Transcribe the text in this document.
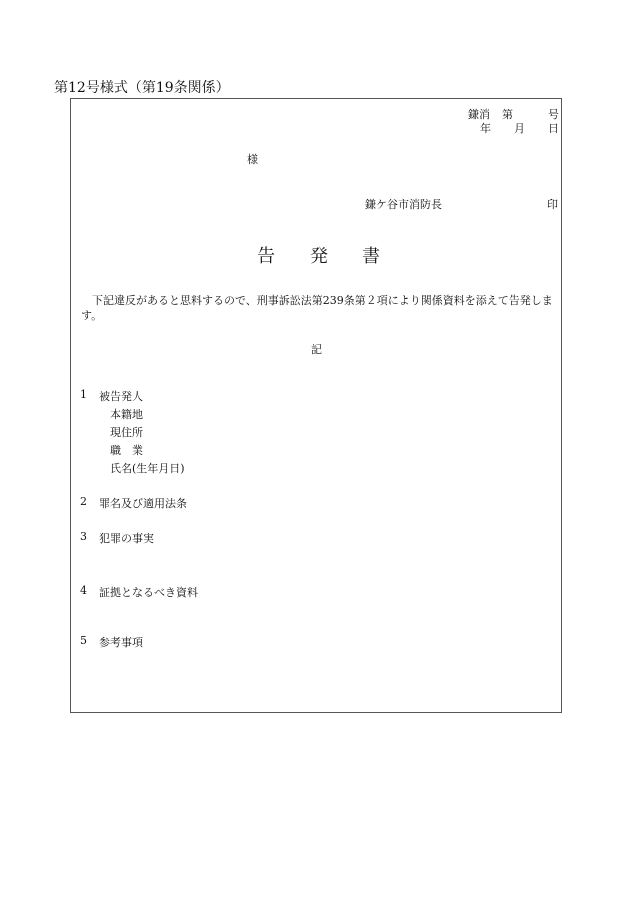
第12号様式（第19条関係）
鎌消 第	号
年 月 日
様
鎌ケ谷市消防長	印
告 発 書
下記違反があると思料するので、刑事訴訟法第239条第２項により関係資料を添えて告発します。
記
1 被告発人
本籍地
現住所
職　業
氏名(生年月日)
2 罪名及び適用法条
3 犯罪の事実
4 証拠となるべき資料
5 参考事項
